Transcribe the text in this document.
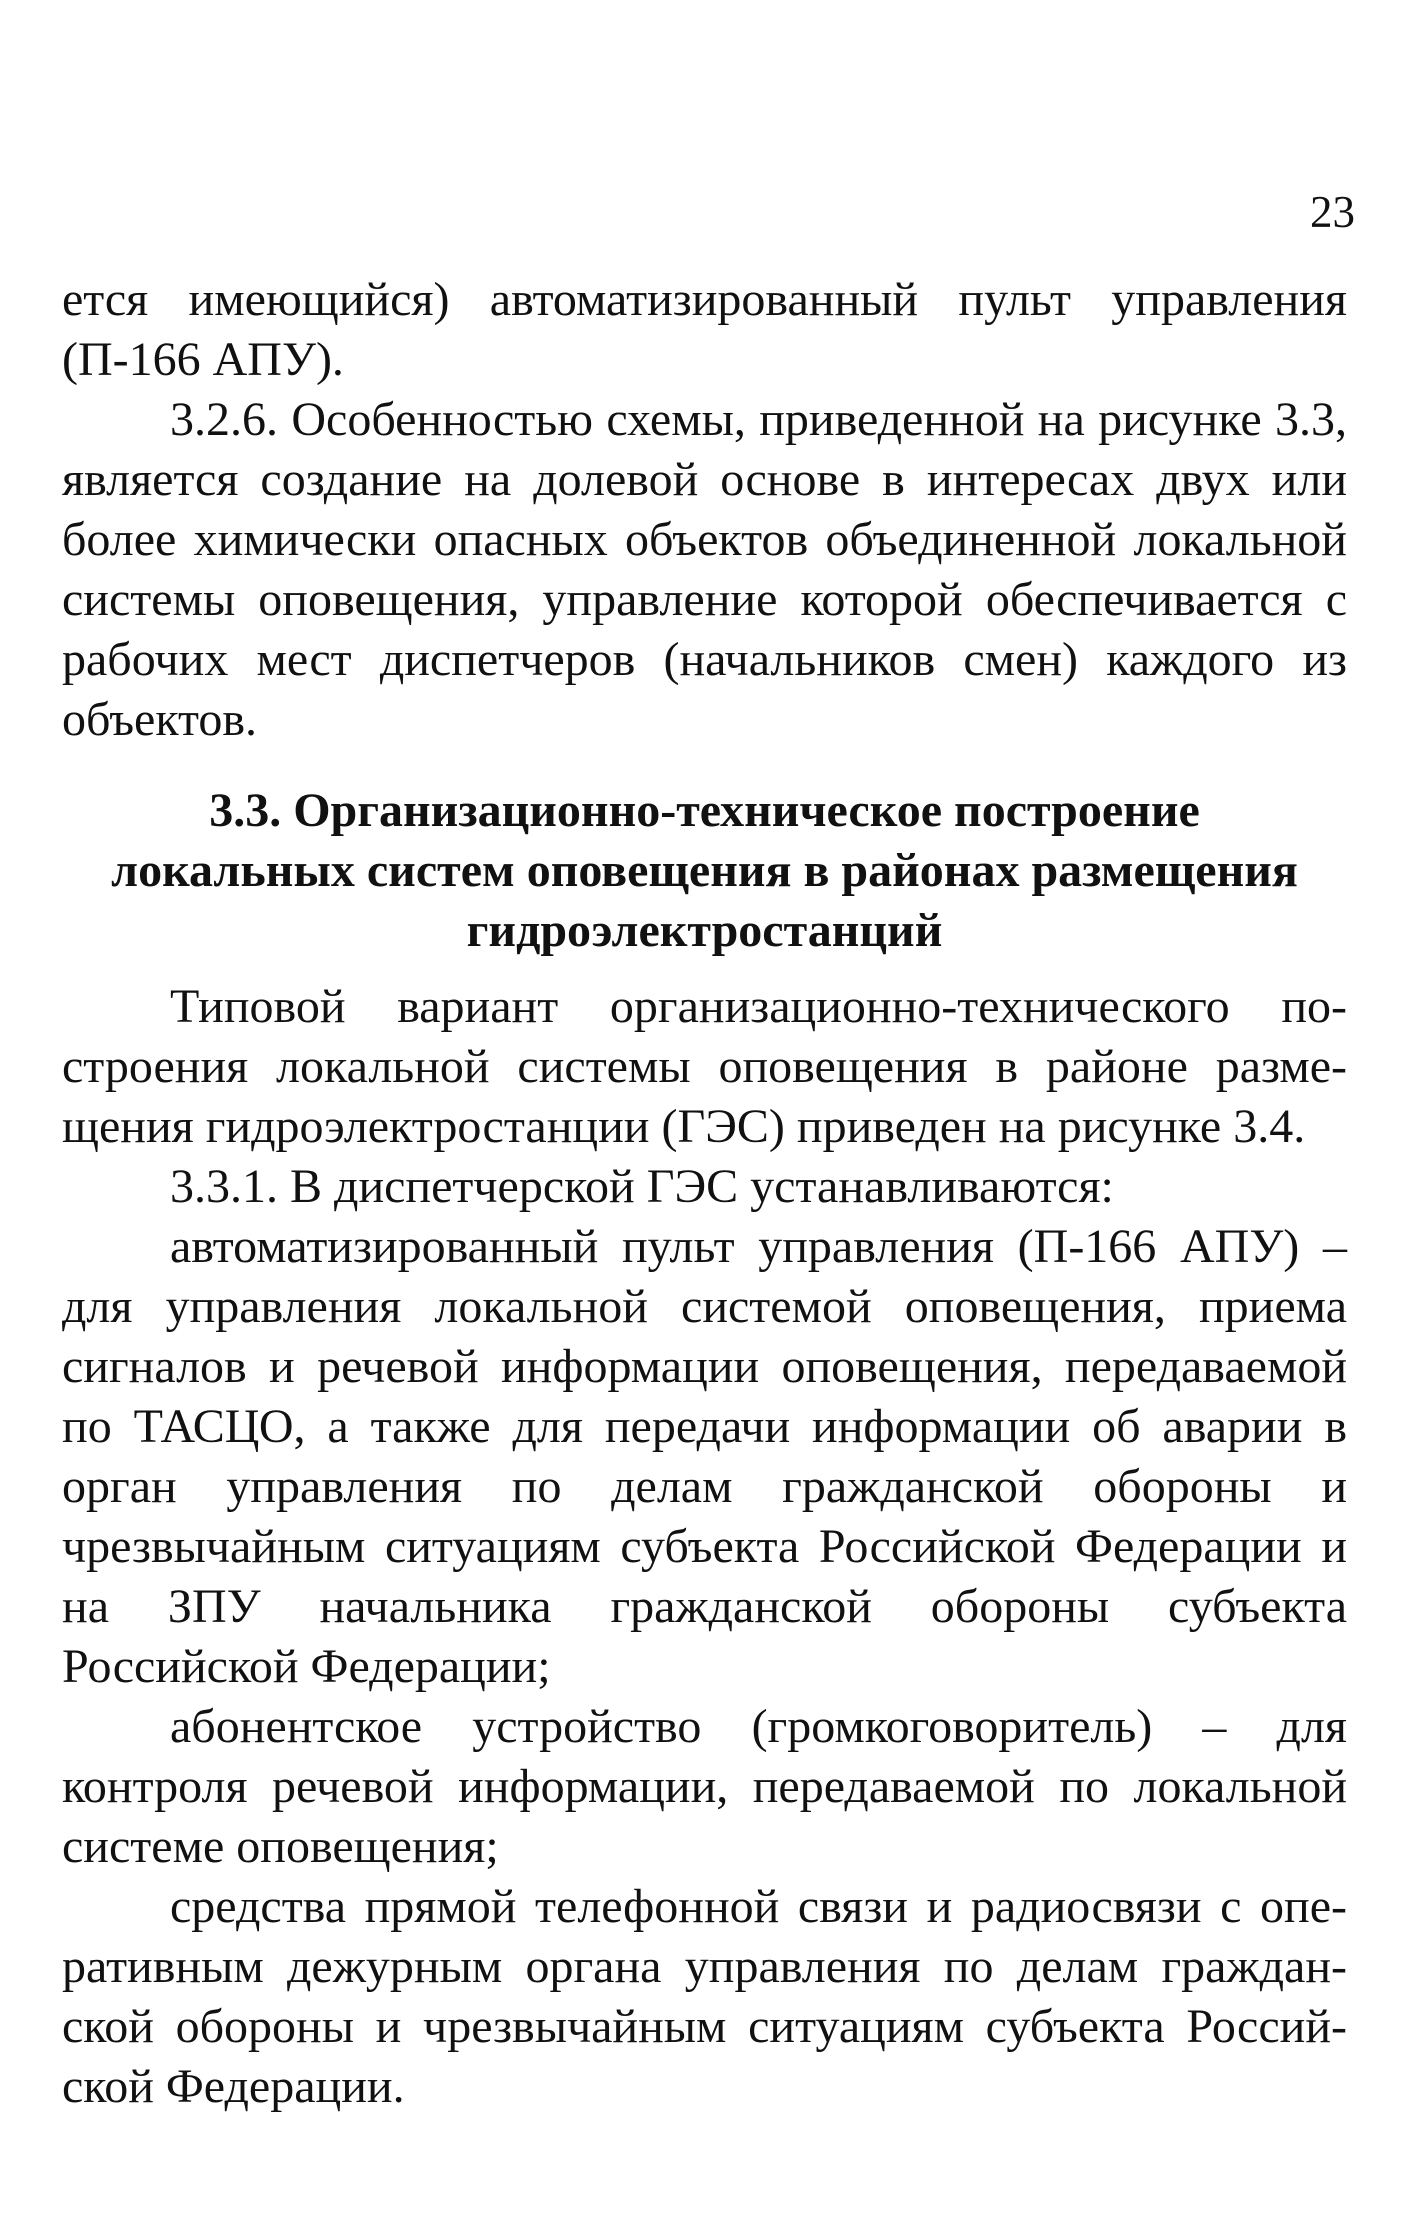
23

ется имеющийся) автоматизированный пульт управления (П-166 АПУ).

3.2.6. Особенностью схемы, приведенной на рисунке 3.3, является создание на долевой основе в интересах двух или более химически опасных объектов объединенной локальной системы оповещения, управление которой обеспечивается с рабочих мест диспетчеров (начальников смен) каждого из объектов.

3.3. Организационно-техническое построение
локальных систем оповещения в районах размещения
гидроэлектростанций

Типовой вариант организационно-технического построения локальной системы оповещения в районе размещения гидроэлектростанции (ГЭС) приведен на рисунке 3.4.

3.3.1. В диспетчерской ГЭС устанавливаются:

автоматизированный пульт управления (П-166 АПУ) – для управления локальной системой оповещения, приема сигналов и речевой информации оповещения, передаваемой по ТАСЦО, а также для передачи информации об аварии в орган управления по делам гражданской обороны и чрезвычайным ситуациям субъекта Российской Федерации и на ЗПУ начальника гражданской обороны субъекта Российской Федерации;

абонентское устройство (громкоговоритель) – для контроля речевой информации, передаваемой по локальной системе оповещения;

средства прямой телефонной связи и радиосвязи с оперативным дежурным органа управления по делам гражданской обороны и чрезвычайным ситуациям субъекта Российской Федерации.
